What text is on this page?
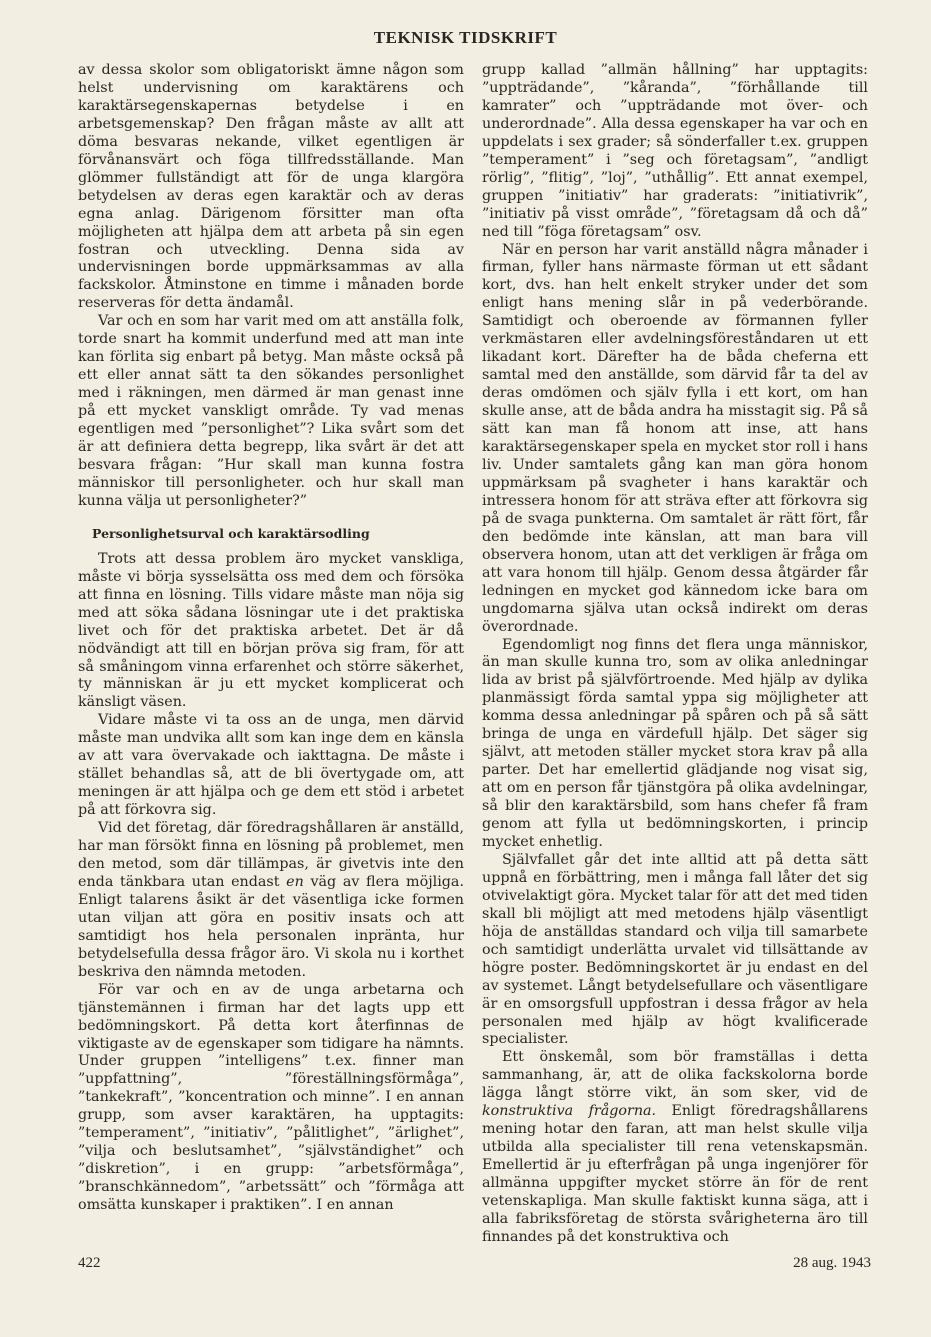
TEKNISK TIDSKRIFT

av dessa skolor som obligatoriskt ämne någon som helst undervisning om karaktärens och karaktärsegenskapernas betydelse i en arbetsgemenskap? Den frågan måste av allt att döma besvaras nekande, vilket egentligen är förvånansvärt och föga tillfredsställande. Man glömmer fullständigt att för de unga klargöra betydelsen av deras egen karaktär och av deras egna anlag. Därigenom försitter man ofta möjligheten att hjälpa dem att arbeta på sin egen fostran och utveckling. Denna sida av undervisningen borde uppmärksammas av alla fackskolor. Åtminstone en timme i månaden borde reserveras för detta ändamål.

Var och en som har varit med om att anställa folk, torde snart ha kommit underfund med att man inte kan förlita sig enbart på betyg. Man måste också på ett eller annat sätt ta den sökandes personlighet med i räkningen, men därmed är man genast inne på ett mycket vanskligt område. Ty vad menas egentligen med ”personlighet”? Lika svårt som det är att definiera detta begrepp, lika svårt är det att besvara frågan: ”Hur skall man kunna fostra människor till personligheter. och hur skall man kunna välja ut personligheter?”

Personlighetsurval och karaktärsodling

Trots att dessa problem äro mycket vanskliga, måste vi börja sysselsätta oss med dem och försöka att finna en lösning. Tills vidare måste man nöja sig med att söka sådana lösningar ute i det praktiska livet och för det praktiska arbetet. Det är då nödvändigt att till en början pröva sig fram, för att så småningom vinna erfarenhet och större säkerhet, ty människan är ju ett mycket komplicerat och känsligt väsen.

Vidare måste vi ta oss an de unga, men därvid måste man undvika allt som kan inge dem en känsla av att vara övervakade och iakttagna. De måste i stället behandlas så, att de bli övertygade om, att meningen är att hjälpa och ge dem ett stöd i arbetet på att förkovra sig.

Vid det företag, där föredragshållaren är anställd, har man försökt finna en lösning på problemet, men den metod, som där tillämpas, är givetvis inte den enda tänkbara utan endast en väg av flera möjliga. Enligt talarens åsikt är det väsentliga icke formen utan viljan att göra en positiv insats och att samtidigt hos hela personalen inpränta, hur betydelsefulla dessa frågor äro. Vi skola nu i korthet beskriva den nämnda metoden.

För var och en av de unga arbetarna och tjänstemännen i firman har det lagts upp ett bedömningskort. På detta kort återfinnas de viktigaste av de egenskaper som tidigare ha nämnts. Under gruppen ”intelligens” t.ex. finner man ”uppfattning”, ”föreställningsförmåga”, ”tankekraft”, ”koncentration och minne”. I en annan grupp, som avser karaktären, ha upptagits: ”temperament”, ”initiativ”, ”pålitlighet”, ”ärlighet”, ”vilja och beslutsamhet”, ”självständighet” och ”diskretion”, i en grupp: ”arbetsförmåga”, ”branschkännedom”, ”arbetssätt” och ”förmåga att omsätta kunskaper i praktiken”. I en annan

grupp kallad ”allmän hållning” har upptagits: ”uppträdande”, ”kåranda”, ”förhållande till kamrater” och ”uppträdande mot över- och underordnade”. Alla dessa egenskaper ha var och en uppdelats i sex grader; så sönderfaller t.ex. gruppen ”temperament” i ”seg och företagsam”, ”andligt rörlig”, ”flitig”, ”loj”, ”uthållig”. Ett annat exempel, gruppen ”initiativ” har graderats: ”initiativrik”, ”initiativ på visst område”, ”företagsam då och då” ned till ”föga företagsam” osv.

När en person har varit anställd några månader i firman, fyller hans närmaste förman ut ett sådant kort, dvs. han helt enkelt stryker under det som enligt hans mening slår in på vederbörande. Samtidigt och oberoende av förmannen fyller verkmästaren eller avdelningsföreståndaren ut ett likadant kort. Därefter ha de båda cheferna ett samtal med den anställde, som därvid får ta del av deras omdömen och själv fylla i ett kort, om han skulle anse, att de båda andra ha misstagit sig. På så sätt kan man få honom att inse, att hans karaktärsegenskaper spela en mycket stor roll i hans liv. Under samtalets gång kan man göra honom uppmärksam på svagheter i hans karaktär och intressera honom för att sträva efter att förkovra sig på de svaga punkterna. Om samtalet är rätt fört, får den bedömde inte känslan, att man bara vill observera honom, utan att det verkligen är fråga om att vara honom till hjälp. Genom dessa åtgärder får ledningen en mycket god kännedom icke bara om ungdomarna själva utan också indirekt om deras överordnade.

Egendomligt nog finns det flera unga människor, än man skulle kunna tro, som av olika anledningar lida av brist på självförtroende. Med hjälp av dylika planmässigt förda samtal yppa sig möjligheter att komma dessa anledningar på spåren och på så sätt bringa de unga en värdefull hjälp. Det säger sig självt, att metoden ställer mycket stora krav på alla parter. Det har emellertid glädjande nog visat sig, att om en person får tjänstgöra på olika avdelningar, så blir den karaktärsbild, som hans chefer få fram genom att fylla ut bedömningskorten, i princip mycket enhetlig.

Självfallet går det inte alltid att på detta sätt uppnå en förbättring, men i många fall låter det sig otvivelaktigt göra. Mycket talar för att det med tiden skall bli möjligt att med metodens hjälp väsentligt höja de anställdas standard och vilja till samarbete och samtidigt underlätta urvalet vid tillsättande av högre poster. Bedömningskortet är ju endast en del av systemet. Långt betydelsefullare och väsentligare är en omsorgsfull uppfostran i dessa frågor av hela personalen med hjälp av högt kvalificerade specialister.

Ett önskemål, som bör framställas i detta sammanhang, är, att de olika fackskolorna borde lägga långt större vikt, än som sker, vid de konstruktiva frågorna. Enligt föredragshållarens mening hotar den faran, att man helst skulle vilja utbilda alla specialister till rena vetenskapsmän. Emellertid är ju efterfrågan på unga ingenjörer för allmänna uppgifter mycket större än för de rent vetenskapliga. Man skulle faktiskt kunna säga, att i alla fabriksföretag de största svårigheterna äro till finnandes på det konstruktiva och

422	28 aug. 1943
